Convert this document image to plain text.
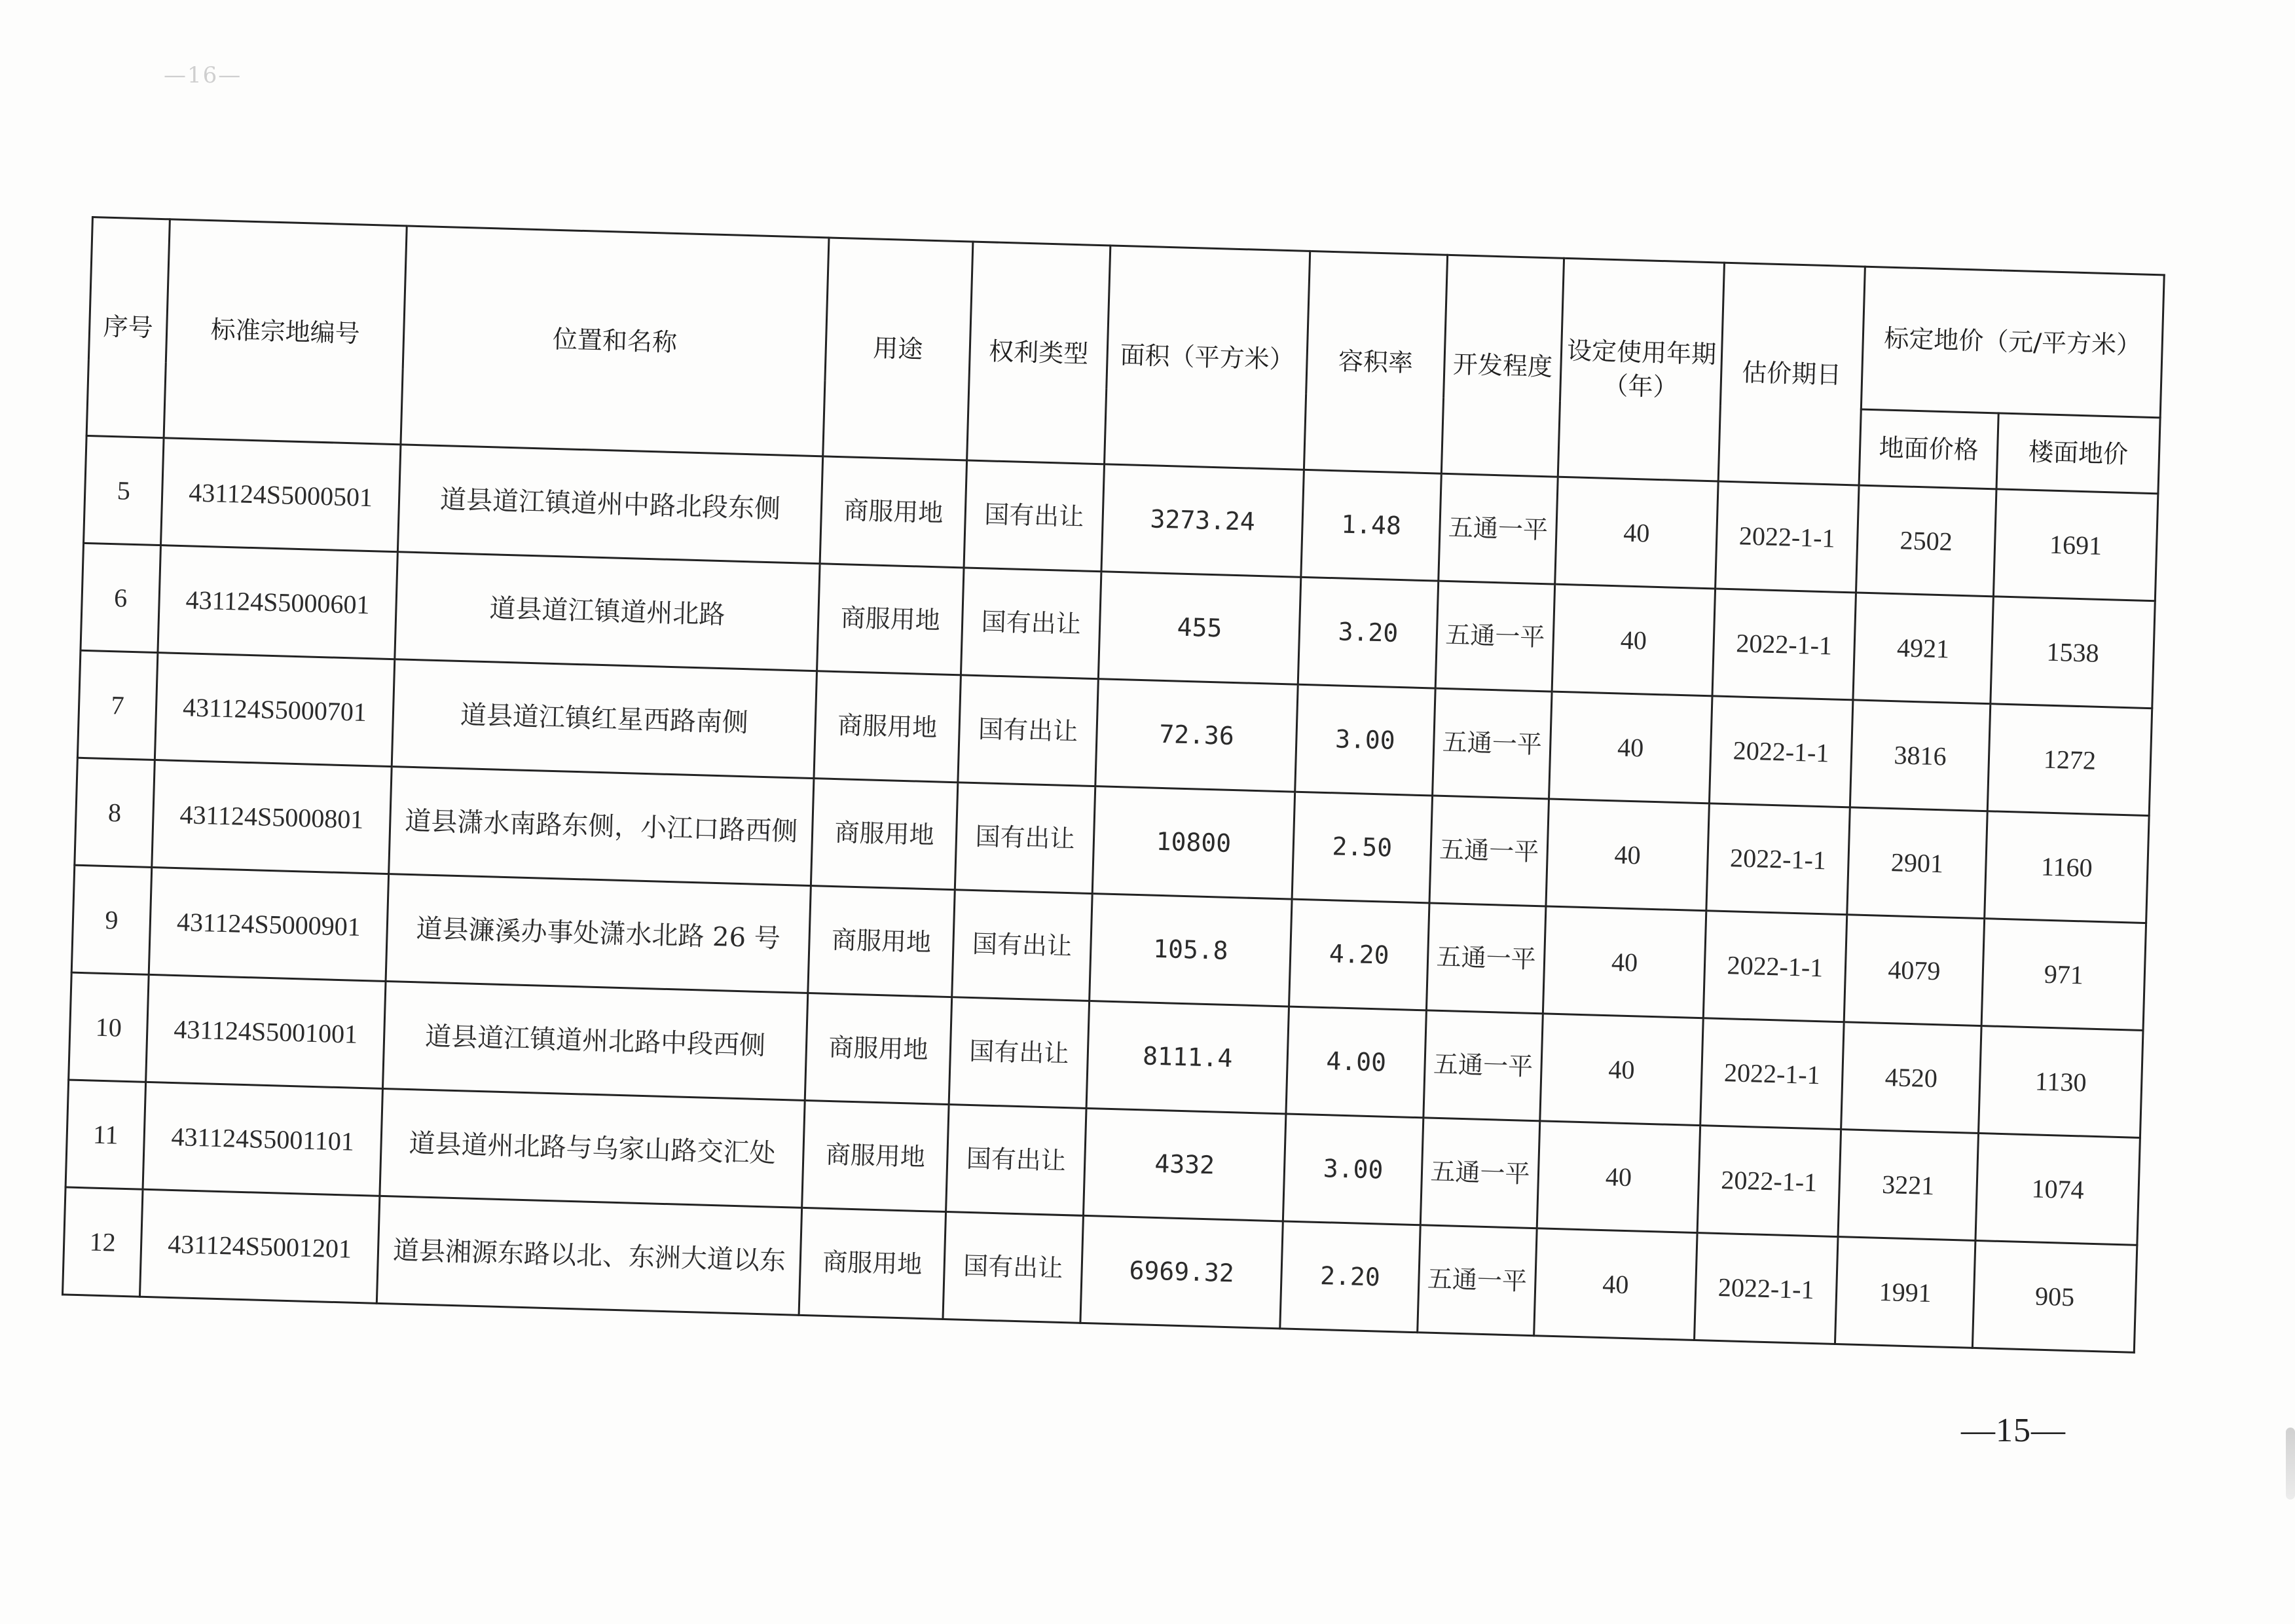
—16—
序号	标准宗地编号	位置和名称	用途	权利类型	面积（平方米）	容积率	开发程度	设定使用年期（年）	估价期日	标定地价（元/平方米）	
										地面价格	楼面地价
5	431124S5000501	道县道江镇道州中路北段东侧	商服用地	国有出让	3273.24	1.48	五通一平	40	2022-1-1	2502	1691
6	431124S5000601	道县道江镇道州北路	商服用地	国有出让	455	3.20	五通一平	40	2022-1-1	4921	1538
7	431124S5000701	道县道江镇红星西路南侧	商服用地	国有出让	72.36	3.00	五通一平	40	2022-1-1	3816	1272
8	431124S5000801	道县潇水南路东侧，小江口路西侧	商服用地	国有出让	10800	2.50	五通一平	40	2022-1-1	2901	1160
9	431124S5000901	道县濂溪办事处潇水北路 26 号	商服用地	国有出让	105.8	4.20	五通一平	40	2022-1-1	4079	971
10	431124S5001001	道县道江镇道州北路中段西侧	商服用地	国有出让	8111.4	4.00	五通一平	40	2022-1-1	4520	1130
11	431124S5001101	道县道州北路与乌家山路交汇处	商服用地	国有出让	4332	3.00	五通一平	40	2022-1-1	3221	1074
12	431124S5001201	道县湘源东路以北、东洲大道以东	商服用地	国有出让	6969.32	2.20	五通一平	40	2022-1-1	1991	905
—15—
